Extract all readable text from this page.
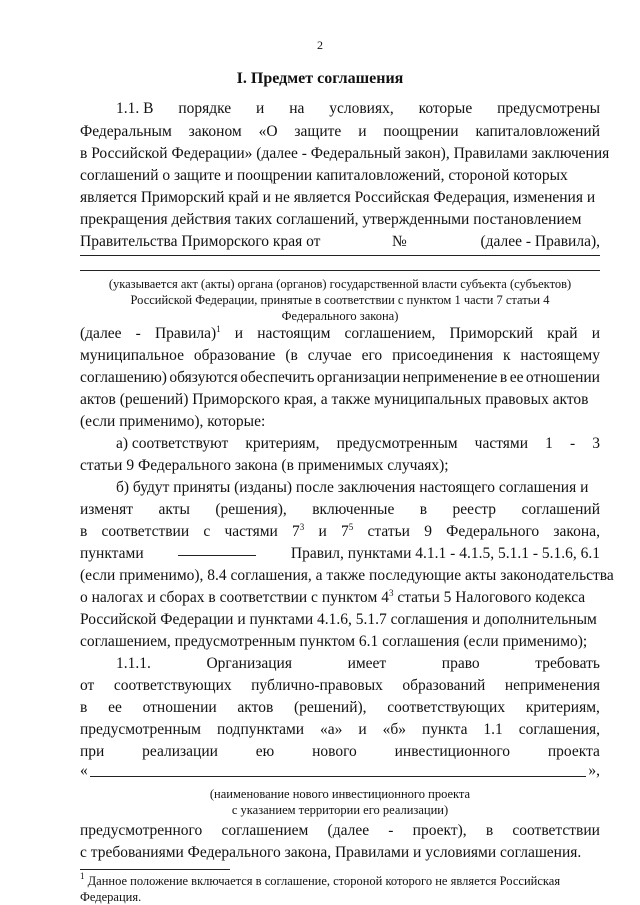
2
I. Предмет соглашения
1.1. В порядке и на условиях, которые предусмотрены
Федеральным законом «О защите и поощрении капиталовложений
в Российской Федерации» (далее - Федеральный закон), Правилами заключения
соглашений о защите и поощрении капиталовложений, стороной которых
является Приморский край и не является Российская Федерация, изменения и
прекращения действия таких соглашений, утвержденными постановлением
Правительства Приморского края от	№	(далее - Правила),
(указывается акт (акты) органа (органов) государственной власти субъекта (субъектов)
Российской Федерации, принятые в соответствии с пунктом 1 части 7 статьи 4
Федерального закона)
(далее - Правила)$^1$ и настоящим соглашением, Приморский край и
муниципальное образование (в случае его присоединения к настоящему
соглашению) обязуются обеспечить организации неприменение в ее отношении
актов (решений) Приморского края, а также муниципальных правовых актов
(если применимо), которые:
а) соответствуют критериям, предусмотренным частями 1 - 3
статьи 9 Федерального закона (в применимых случаях);
б) будут приняты (изданы) после заключения настоящего соглашения и
изменят акты (решения), включенные в реестр соглашений
в соответствии с частями $7^3$ и $7^5$ статьи 9 Федерального закона,
пунктами	Правил, пунктами 4.1.1 - 4.1.5, 5.1.1 - 5.1.6, 6.1
(если применимо), 8.4 соглашения, а также последующие акты законодательства
о налогах и сборах в соответствии с пунктом $4^3$ статьи 5 Налогового кодекса
Российской Федерации и пунктами 4.1.6, 5.1.7 соглашения и дополнительным
соглашением, предусмотренным пунктом 6.1 соглашения (если применимо);
1.1.1.	Организация	имеет	право	требовать
от соответствующих публично-правовых образований неприменения
в ее отношении актов (решений), соответствующих критериям,
предусмотренным подпунктами «а» и «б» пункта 1.1 соглашения,
при реализации ею нового инвестиционного проекта
«	»,
(наименование нового инвестиционного проекта
с указанием территории его реализации)
предусмотренного соглашением (далее - проект), в соответствии
с требованиями Федерального закона, Правилами и условиями соглашения.
$^1$ Данное положение включается в соглашение, стороной которого не является Российская
Федерация.
